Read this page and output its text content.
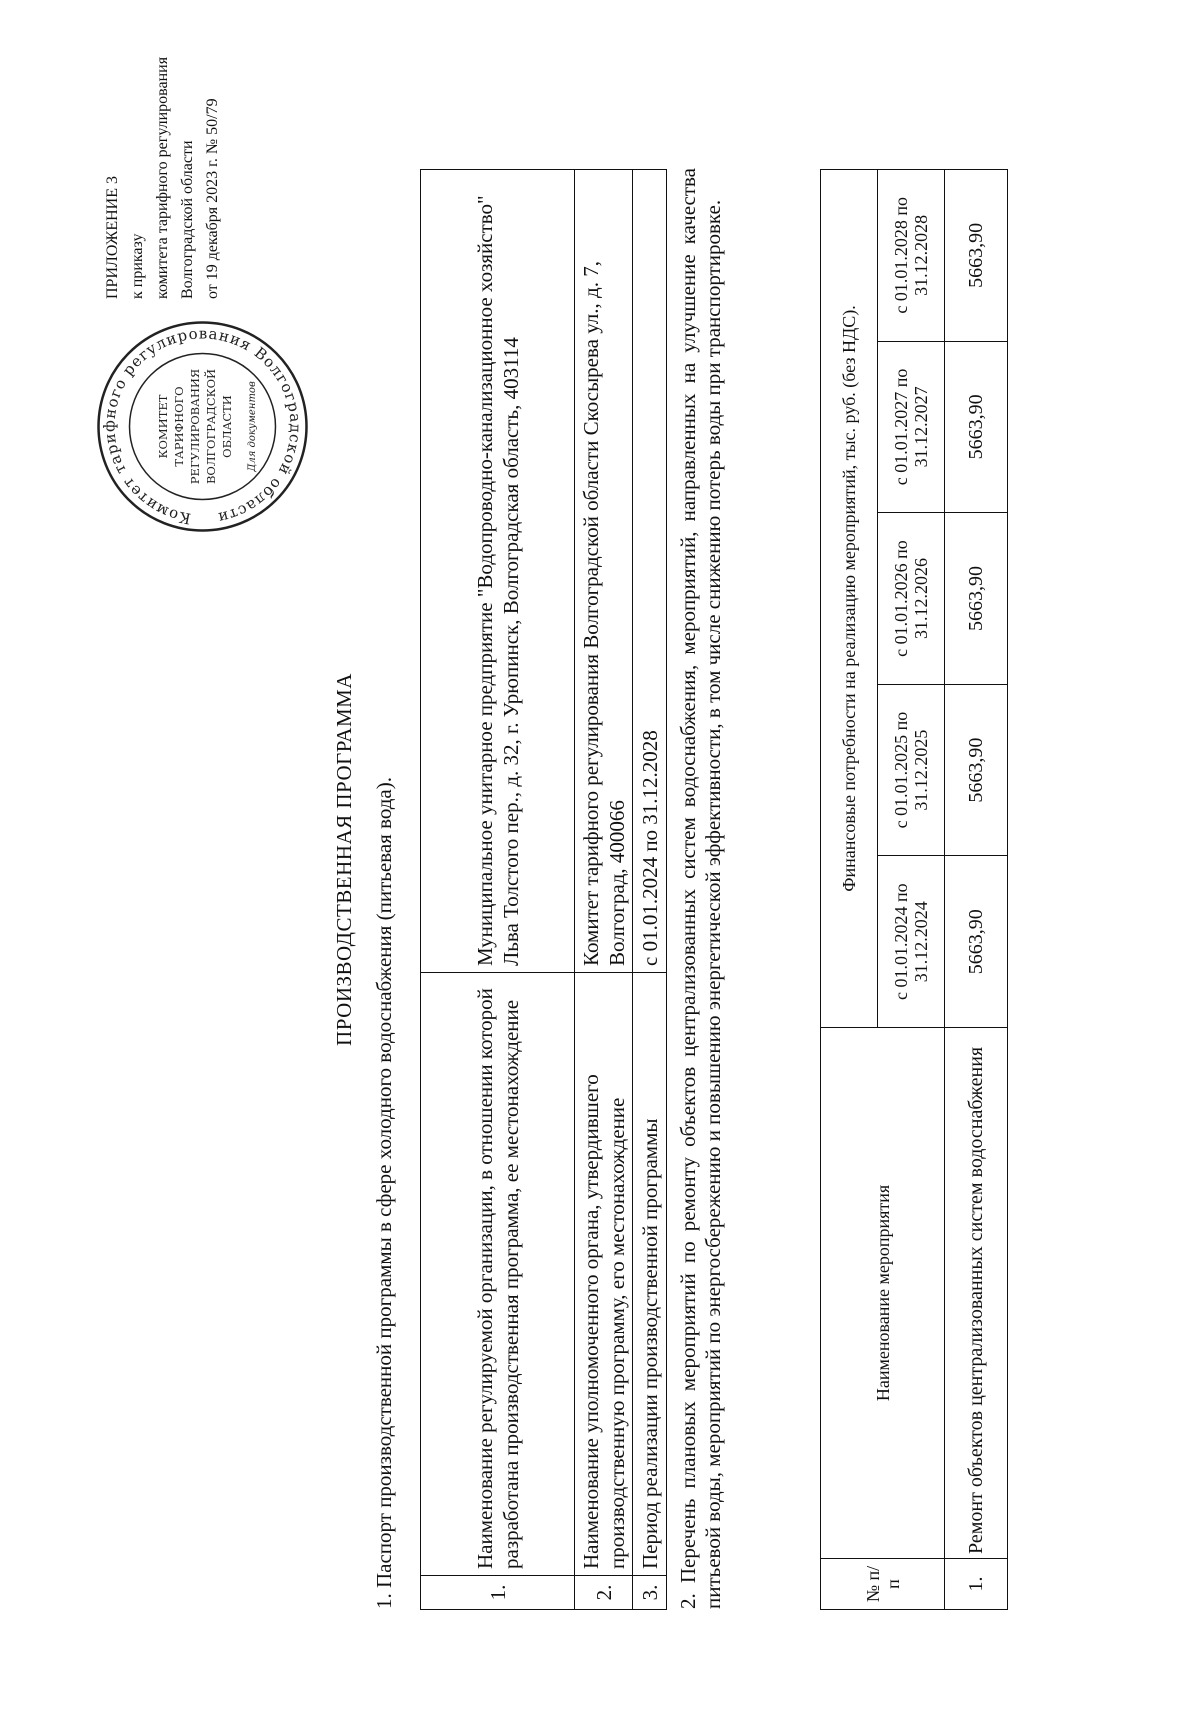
Комитет тарифного регулирования Волгоградской области
КОМИТЕТ ТАРИФНОГО РЕГУЛИРОВАНИЯ ВОЛГОГРАДСКОЙ ОБЛАСТИ Для документов
ПРИЛОЖЕНИЕ 3 к приказу комитета тарифного регулирования Волгоградской области от 19 декабря 2023 г. № 50/79
ПРОИЗВОДСТВЕННАЯ ПРОГРАММА 1. Паспорт производственной программы в сфере холодного водоснабжения (питьевая вода).	1.	Наименование регулируемой организации, в отношении которой разработана производственная программа, ее местонахождение	Муниципальное унитарное предприятие "Водопроводно-канализационное хозяйство" Льва Толстого пер., д. 32, г. Урюпинск, Волгоградская область, 403114
2.	Наименование уполномоченного органа, утвердившего производственную программу, его местонахождение	Комитет тарифного регулирования Волгоградской области Скосырева ул., д. 7, Волгоград, 400066
3.	Период реализации производственной программы	с 01.01.2024 по 31.12.2028 2. Перечень плановых мероприятий по ремонту объектов централизованных систем водоснабжения, мероприятий, направленных на улучшение качества питьевой воды, мероприятий по энергосбережению и повышению энергетической эффективности, в том числе снижению потерь воды при транспортировке.	№ п/п	Наименование мероприятия	Финансовые потребности на реализацию мероприятий, тыс. руб. (без НДС).				
		с 01.01.2024 по 31.12.2024	с 01.01.2025 по 31.12.2025	с 01.01.2026 по 31.12.2026	с 01.01.2027 по 31.12.2027	с 01.01.2028 по 31.12.2028
1.	Ремонт объектов централизованных систем водоснабжения	5663,90	5663,90	5663,90	5663,90	5663,90
